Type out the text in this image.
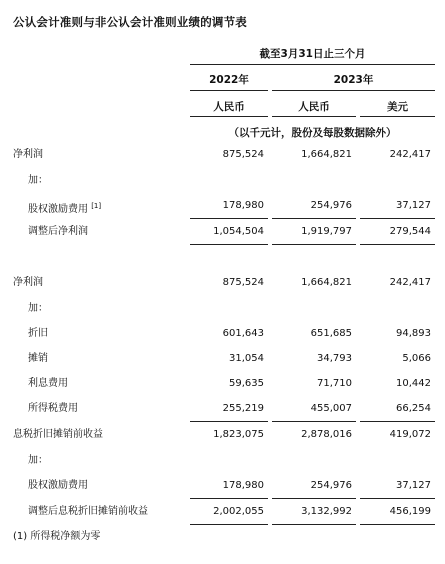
公认会计准则与非公认会计准则业绩的调节表
截至3月31日止三个月
2022年	2023年
人民币	人民币	美元
（以千元计，股份及每股数据除外）
净利润	875,524	1,664,821	242,417
加：
股权激励费用 [1]	178,980	254,976	37,127
调整后净利润	1,054,504	1,919,797	279,544
净利润	875,524	1,664,821	242,417
加：
折旧	601,643	651,685	94,893
摊销	31,054	34,793	5,066
利息费用	59,635	71,710	10,442
所得税费用	255,219	455,007	66,254
息税折旧摊销前收益	1,823,075	2,878,016	419,072
加：
股权激励费用	178,980	254,976	37,127
调整后息税折旧摊销前收益	2,002,055	3,132,992	456,199
(1) 所得税净额为零
